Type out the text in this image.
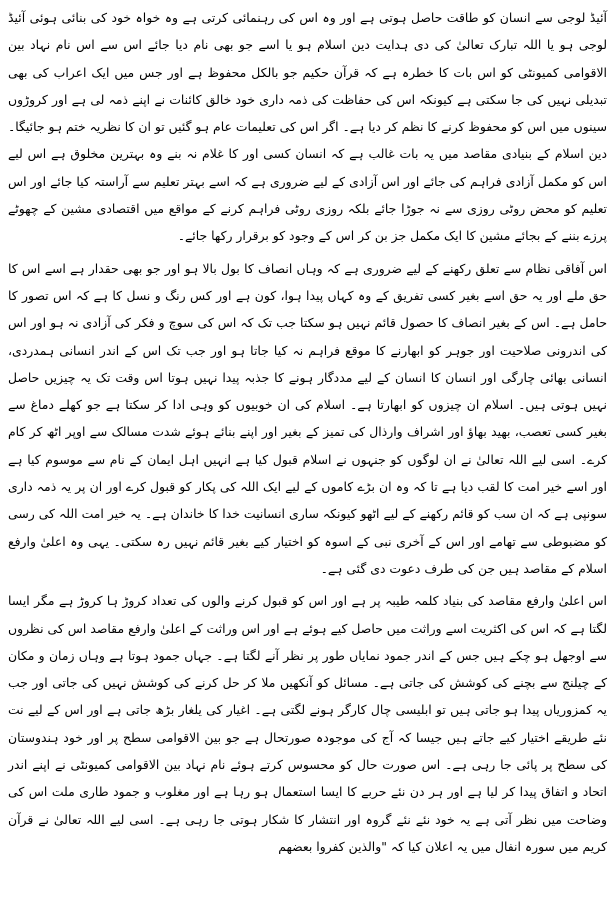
آئیڈ لوجی سے انسان کو طاقت حاصل ہوتی ہے اور وہ اس کی رہنمائی کرتی ہے وہ خواہ خود کی بنائی ہوئی آئیڈ لوجی ہو یا اللہ تبارک تعالیٰ کی دی ہدایت دین اسلام ہو یا اسے جو بھی نام دیا جائے اس سے اس نام نہاد بین الاقوامی کمیونٹی کو اس بات کا خطرہ ہے کہ قرآن حکیم جو بالکل محفوظ ہے اور جس میں ایک اعراب کی بھی تبدیلی نہیں کی جا سکتی ہے کیونکہ اس کی حفاظت کی ذمہ داری خود خالق کائنات نے اپنے ذمہ لی ہے اور کروڑوں سینوں میں اس کو محفوظ کرنے کا نظم کر دیا ہے۔ اگر اس کی تعلیمات عام ہو گئیں تو ان کا نظریہ ختم ہو جائیگا۔ دین اسلام کے بنیادی مقاصد میں یہ بات غالب ہے کہ انسان کسی اور کا غلام نہ بنے وہ بہترین مخلوق ہے اس لیے اس کو مکمل آزادی فراہم کی جائے اور اس آزادی کے لیے ضروری ہے کہ اسے بہتر تعلیم سے آراستہ کیا جائے اور اس تعلیم کو محض روٹی روزی سے نہ جوڑا جائے بلکہ روزی روٹی فراہم کرنے کے مواقع میں اقتصادی مشین کے چھوٹے پرزے بننے کے بجائے مشین کا ایک مکمل جز بن کر اس کے وجود کو برقرار رکھا جائے۔

اس آفاقی نظام سے تعلق رکھنے کے لیے ضروری ہے کہ وہاں انصاف کا بول بالا ہو اور جو بھی حقدار ہے اسے اس کا حق ملے اور یہ حق اسے بغیر کسی تفریق کے وہ کہاں پیدا ہوا، کون ہے اور کس رنگ و نسل کا ہے کہ اس تصور کا حامل ہے۔ اس کے بغیر انصاف کا حصول قائم نہیں ہو سکتا جب تک کہ اس کی سوچ و فکر کی آزادی نہ ہو اور اس کی اندرونی صلاحیت اور جوہر کو ابھارنے کا موقع فراہم نہ کیا جاتا ہو اور جب تک اس کے اندر انسانی ہمدردی، انسانی بھائی چارگی اور انسان کا انسان کے لیے مددگار ہونے کا جذبہ پیدا نہیں ہوتا اس وقت تک یہ چیزیں حاصل نہیں ہوتی ہیں۔ اسلام ان چیزوں کو ابھارتا ہے۔ اسلام کی ان خوبیوں کو وہی ادا کر سکتا ہے جو کھلے دماغ سے بغیر کسی تعصب، بھید بھاؤ اور اشراف وارذال کی تمیز کے بغیر اور اپنے بنائے ہوئے شدت مسالک سے اوپر اٹھ کر کام کرے۔ اسی لیے اللہ تعالیٰ نے ان لوگوں کو جنہوں نے اسلام قبول کیا ہے انہیں اہل ایمان کے نام سے موسوم کیا ہے اور اسے خیر امت کا لقب دیا ہے تا کہ وہ ان بڑے کاموں کے لیے ایک اللہ کی پکار کو قبول کرے اور ان پر یہ ذمہ داری سونپی ہے کہ ان سب کو قائم رکھنے کے لیے اٹھو کیونکہ ساری انسانیت خدا کا خاندان ہے۔ یہ خیر امت اللہ کی رسی کو مضبوطی سے تھامے اور اس کے آخری نبی کے اسوہ کو اختیار کیے بغیر قائم نہیں رہ سکتی۔ یہی وہ اعلیٰ وارفع اسلام کے مقاصد ہیں جن کی طرف دعوت دی گئی ہے۔

اس اعلیٰ وارفع مقاصد کی بنیاد کلمہ طیبہ پر ہے اور اس کو قبول کرنے والوں کی تعداد کروڑ ہا کروڑ ہے مگر ایسا لگتا ہے کہ اس کی اکثریت اسے وراثت میں حاصل کیے ہوئے ہے اور اس وراثت کے اعلیٰ وارفع مقاصد اس کی نظروں سے اوجھل ہو چکے ہیں جس کے اندر جمود نمایاں طور پر نظر آنے لگتا ہے۔ جہاں جمود ہوتا ہے وہاں زمان و مکان کے چیلنج سے بچنے کی کوشش کی جاتی ہے۔ مسائل کو آنکھیں ملا کر حل کرنے کی کوشش نہیں کی جاتی اور جب یہ کمزوریاں پیدا ہو جاتی ہیں تو ابلیسی چال کارگر ہونے لگتی ہے۔ اغیار کی یلغار بڑھ جاتی ہے اور اس کے لیے نت نئے طریقے اختیار کیے جاتے ہیں جیسا کہ آج کی موجودہ صورتحال ہے جو بین الاقوامی سطح پر اور خود ہندوستان کی سطح پر پائی جا رہی ہے۔ اس صورت حال کو محسوس کرتے ہوئے نام نہاد بین الاقوامی کمیونٹی نے اپنے اندر اتحاد و اتفاق پیدا کر لیا ہے اور ہر دن نئے حربے کا ایسا استعمال ہو رہا ہے اور مغلوب و جمود طاری ملت اس کی وضاحت میں نظر آتی ہے یہ خود نئے نئے گروہ اور انتشار کا شکار ہوتی جا رہی ہے۔ اسی لیے اللہ تعالیٰ نے قرآن کریم میں سورہ انفال میں یہ اعلان کیا کہ "والذین کفروا بعضھم
